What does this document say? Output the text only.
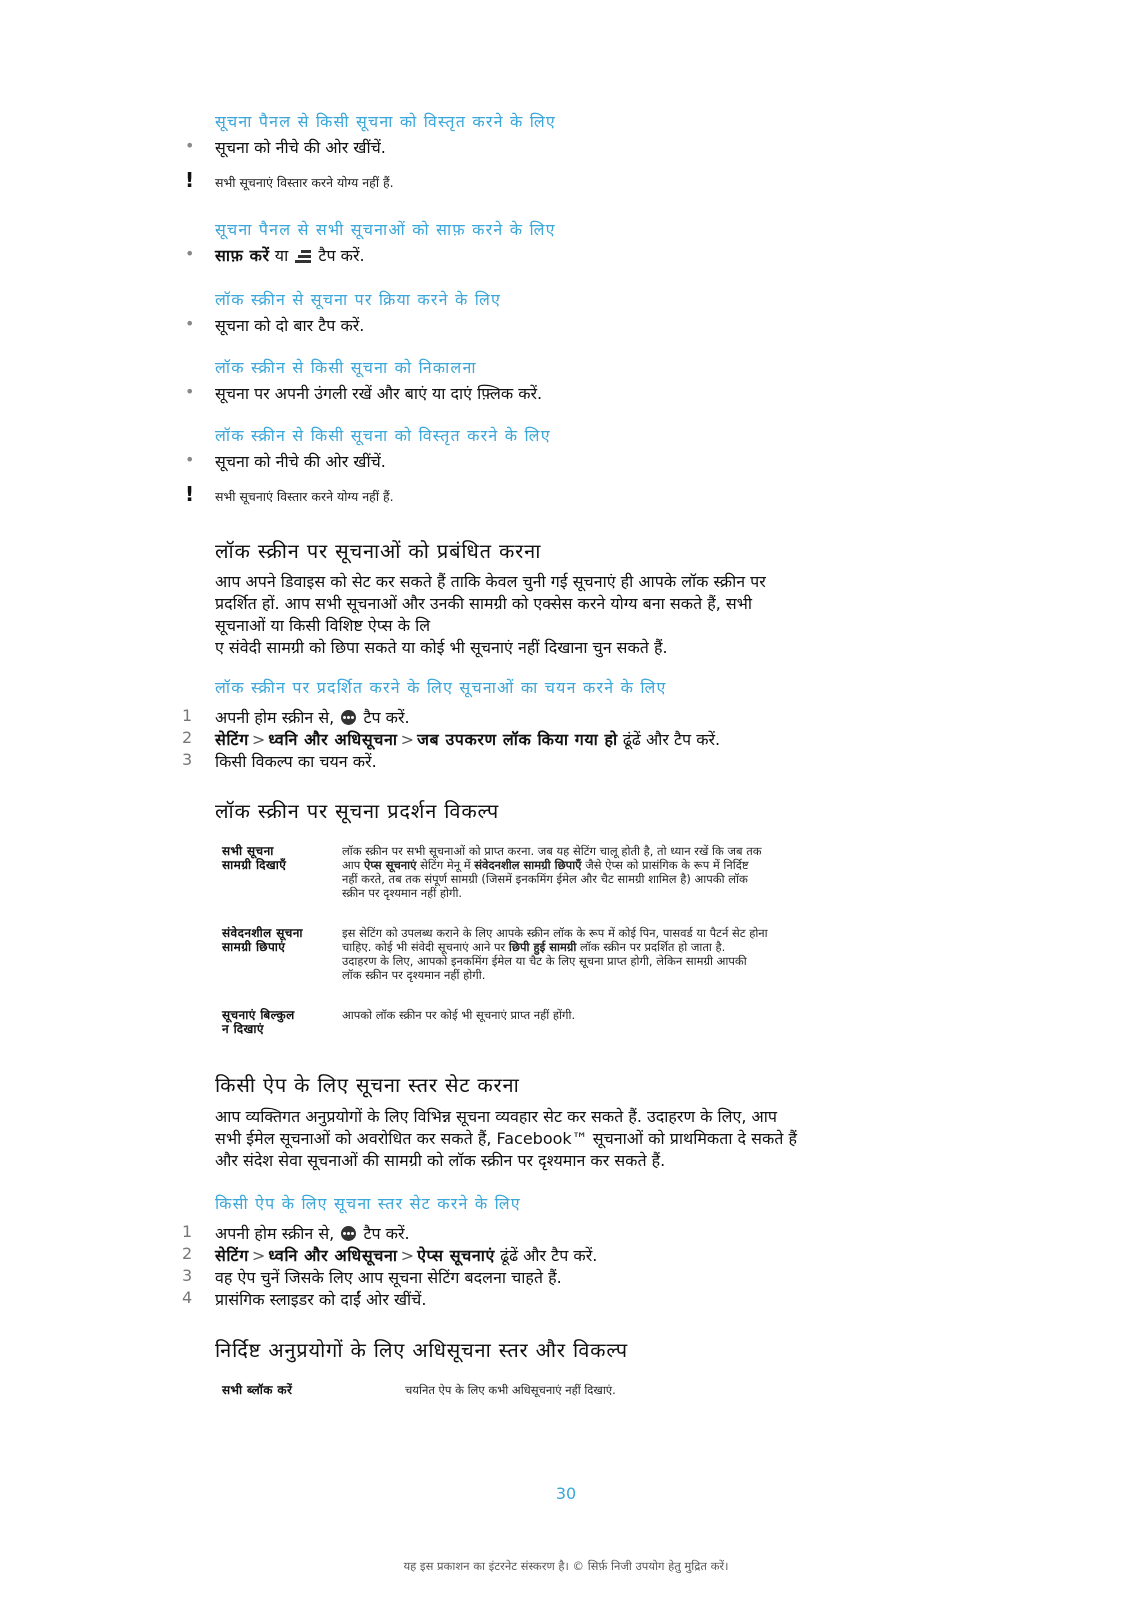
सूचना पैनल से किसी सूचना को विस्तृत करने के लिए
• सूचना को नीचे की ओर खींचें.
! सभी सूचनाएं विस्तार करने योग्य नहीं हैं.
सूचना पैनल से सभी सूचनाओं को साफ़ करने के लिए
• साफ़ करें या टैप करें.
लॉक स्क्रीन से सूचना पर क्रिया करने के लिए
• सूचना को दो बार टैप करें.
लॉक स्क्रीन से किसी सूचना को निकालना
• सूचना पर अपनी उंगली रखें और बाएं या दाएं फ़्लिक करें.
लॉक स्क्रीन से किसी सूचना को विस्तृत करने के लिए
• सूचना को नीचे की ओर खींचें.
! सभी सूचनाएं विस्तार करने योग्य नहीं हैं.
लॉक स्क्रीन पर सूचनाओं को प्रबंधित करना
आप अपने डिवाइस को सेट कर सकते हैं ताकि केवल चुनी गई सूचनाएं ही आपके लॉक स्क्रीन पर
प्रदर्शित हों. आप सभी सूचनाओं और उनकी सामग्री को एक्सेस करने योग्य बना सकते हैं, सभी
सूचनाओं या किसी विशिष्ट ऐप्स के लि
ए संवेदी सामग्री को छिपा सकते या कोई भी सूचनाएं नहीं दिखाना चुन सकते हैं.
लॉक स्क्रीन पर प्रदर्शित करने के लिए सूचनाओं का चयन करने के लिए
1 अपनी होम स्क्रीन से, टैप करें.
2 सेटिंग > ध्वनि और अधिसूचना > जब उपकरण लॉक किया गया हो ढूंढें और टैप करें.
3 किसी विकल्प का चयन करें.
लॉक स्क्रीन पर सूचना प्रदर्शन विकल्प
सभी सूचना
सामग्री दिखाएँ
लॉक स्क्रीन पर सभी सूचनाओं को प्राप्त करना. जब यह सेटिंग चालू होती है, तो ध्यान रखें कि जब तक
आप ऐप्स सूचनाएं सेटिंग मेनू में संवेदनशील सामग्री छिपाएँ जैसे ऐप्स को प्रासंगिक के रूप में निर्दिष्ट
नहीं करते, तब तक संपूर्ण सामग्री (जिसमें इनकमिंग ईमेल और चैट सामग्री शामिल है) आपकी लॉक
स्क्रीन पर दृश्यमान नहीं होगी.
संवेदनशील सूचना
सामग्री छिपाएं
इस सेटिंग को उपलब्ध कराने के लिए आपके स्क्रीन लॉक के रूप में कोई पिन, पासवर्ड या पैटर्न सेट होना
चाहिए. कोई भी संवेदी सूचनाएं आने पर छिपी हुई सामग्री लॉक स्क्रीन पर प्रदर्शित हो जाता है.
उदाहरण के लिए, आपको इनकमिंग ईमेल या चैट के लिए सूचना प्राप्त होगी, लेकिन सामग्री आपकी
लॉक स्क्रीन पर दृश्यमान नहीं होगी.
सूचनाएं बिल्कुल
न दिखाएं
आपको लॉक स्क्रीन पर कोई भी सूचनाएं प्राप्त नहीं होंगी.
किसी ऐप के लिए सूचना स्तर सेट करना
आप व्यक्तिगत अनुप्रयोगों के लिए विभिन्न सूचना व्यवहार सेट कर सकते हैं. उदाहरण के लिए, आप
सभी ईमेल सूचनाओं को अवरोधित कर सकते हैं, Facebook™ सूचनाओं को प्राथमिकता दे सकते हैं
और संदेश सेवा सूचनाओं की सामग्री को लॉक स्क्रीन पर दृश्यमान कर सकते हैं.
किसी ऐप के लिए सूचना स्तर सेट करने के लिए
1 अपनी होम स्क्रीन से, टैप करें.
2 सेटिंग > ध्वनि और अधिसूचना > ऐप्स सूचनाएं ढूंढें और टैप करें.
3 वह ऐप चुनें जिसके लिए आप सूचना सेटिंग बदलना चाहते हैं.
4 प्रासंगिक स्लाइडर को दाईं ओर खींचें.
निर्दिष्ट अनुप्रयोगों के लिए अधिसूचना स्तर और विकल्प
सभी ब्लॉक करें	चयनित ऐप के लिए कभी अधिसूचनाएं नहीं दिखाएं.
30
यह इस प्रकाशन का इंटरनेट संस्करण है। © सिर्फ़ निजी उपयोग हेतु मुद्रित करें।
